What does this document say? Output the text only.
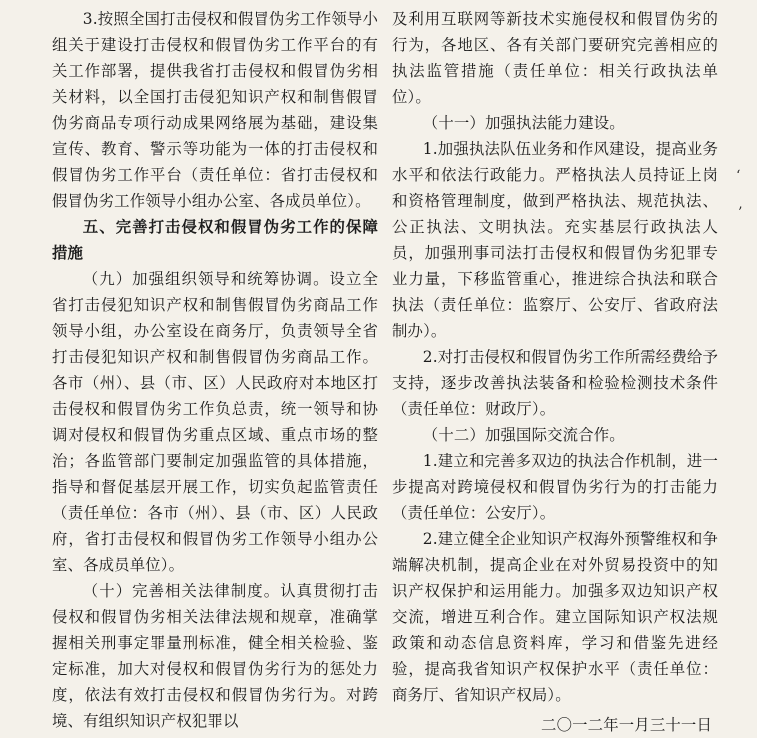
3.按照全国打击侵权和假冒伪劣工作领导小组关于建设打击侵权和假冒伪劣工作平台的有关工作部署，提供我省打击侵权和假冒伪劣相关材料，以全国打击侵犯知识产权和制售假冒伪劣商品专项行动成果网络展为基础，建设集宣传、教育、警示等功能为一体的打击侵权和假冒伪劣工作平台（责任单位：省打击侵权和假冒伪劣工作领导小组办公室、各成员单位）。

五、完善打击侵权和假冒伪劣工作的保障措施

（九）加强组织领导和统筹协调。设立全省打击侵犯知识产权和制售假冒伪劣商品工作领导小组，办公室设在商务厅，负责领导全省打击侵犯知识产权和制售假冒伪劣商品工作。各市（州）、县（市、区）人民政府对本地区打击侵权和假冒伪劣工作负总责，统一领导和协调对侵权和假冒伪劣重点区域、重点市场的整治；各监管部门要制定加强监管的具体措施，指导和督促基层开展工作，切实负起监管责任（责任单位：各市（州）、县（市、区）人民政府，省打击侵权和假冒伪劣工作领导小组办公室、各成员单位）。

（十）完善相关法律制度。认真贯彻打击侵权和假冒伪劣相关法律法规和规章，准确掌握相关刑事定罪量刑标准，健全相关检验、鉴定标准，加大对侵权和假冒伪劣行为的惩处力度，依法有效打击侵权和假冒伪劣行为。对跨境、有组织知识产权犯罪以

及利用互联网等新技术实施侵权和假冒伪劣的行为，各地区、各有关部门要研究完善相应的执法监管措施（责任单位：相关行政执法单位）。

（十一）加强执法能力建设。

1.加强执法队伍业务和作风建设，提高业务水平和依法行政能力。严格执法人员持证上岗和资格管理制度，做到严格执法、规范执法、公正执法、文明执法。充实基层行政执法人员，加强刑事司法打击侵权和假冒伪劣犯罪专业力量，下移监管重心，推进综合执法和联合执法（责任单位：监察厅、公安厅、省政府法制办）。

2.对打击侵权和假冒伪劣工作所需经费给予支持，逐步改善执法装备和检验检测技术条件（责任单位：财政厅）。

（十二）加强国际交流合作。

1.建立和完善多双边的执法合作机制，进一步提高对跨境侵权和假冒伪劣行为的打击能力（责任单位：公安厅）。

2.建立健全企业知识产权海外预警维权和争端解决机制，提高企业在对外贸易投资中的知识产权保护和运用能力。加强多双边知识产权交流，增进互利合作。建立国际知识产权法规政策和动态信息资料库，学习和借鉴先进经验，提高我省知识产权保护水平（责任单位：商务厅、省知识产权局）。

二〇一二年一月三十一日

‘
’
